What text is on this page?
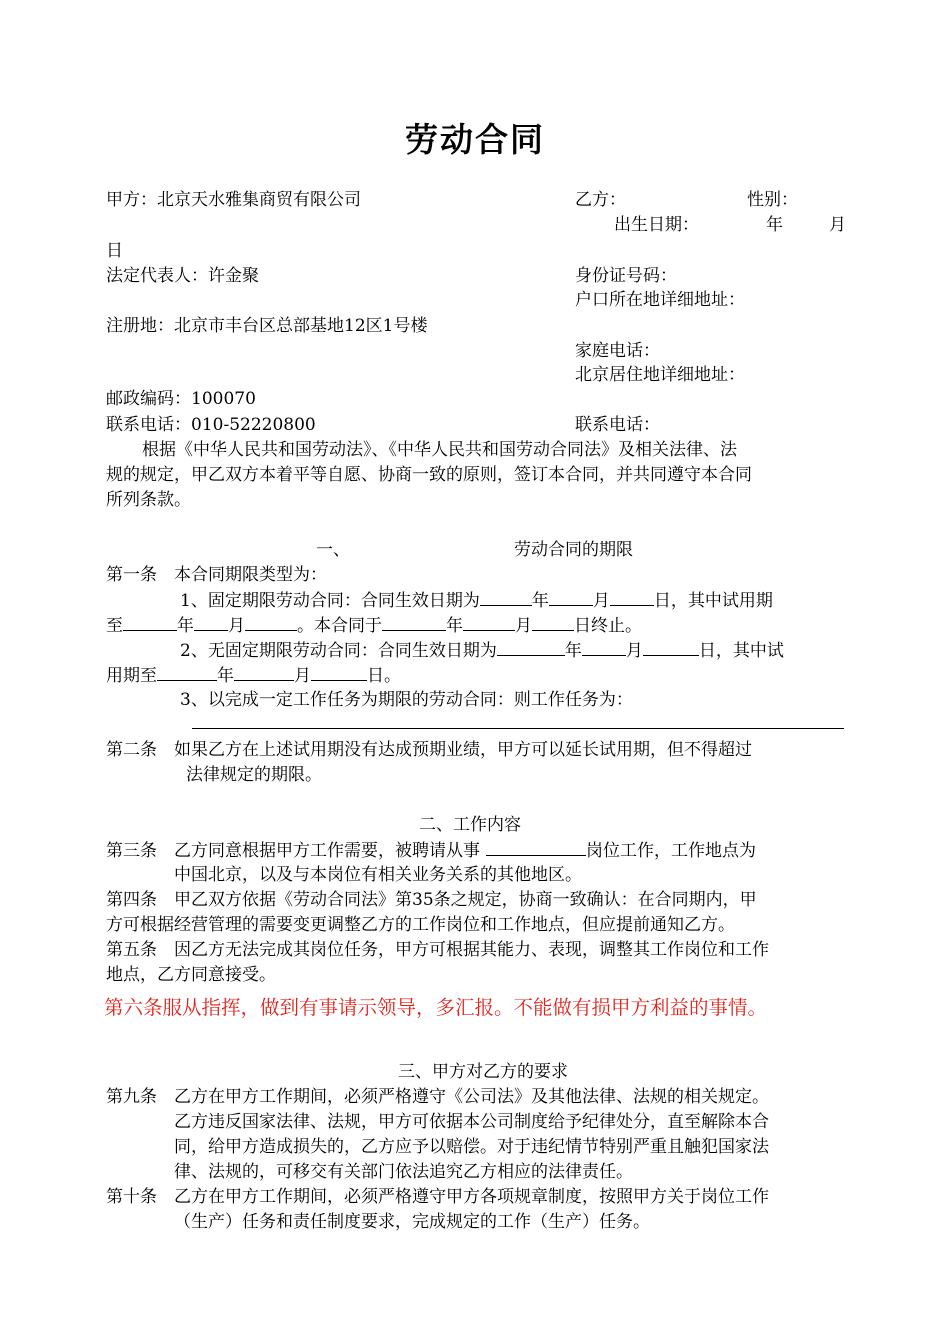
劳动合同
甲方：北京天水雅集商贸有限公司	乙方：	性别：
出生日期：	年	月
日
法定代表人：许金聚	身份证号码：
户口所在地详细地址：
注册地：北京市丰台区总部基地12区1号楼
家庭电话：
北京居住地详细地址：
邮政编码：100070
联系电话：010-52220800	联系电话：
根据《中华人民共和国劳动法》、《中华人民共和国劳动合同法》及相关法律、法
规的规定，甲乙双方本着平等自愿、协商一致的原则，签订本合同，并共同遵守本合同
所列条款。
一、	劳动合同的期限
第一条　本合同期限类型为：
1、固定期限劳动合同：合同生效日期为	年	月	日，其中试用期
至	年 月	。本合同于	年	月 日终止。
2、无固定期限劳动合同：合同生效日期为	年	月	日，其中试
用期至	年	月	日。
3、以完成一定工作任务为期限的劳动合同：则工作任务为：
第二条　如果乙方在上述试用期没有达成预期业绩，甲方可以延长试用期，但不得超过
法律规定的期限。
二、工作内容
第三条　乙方同意根据甲方工作需要，被聘请从事	岗位工作，工作地点为
中国北京，以及与本岗位有相关业务关系的其他地区。
第四条　甲乙双方依据《劳动合同法》第35条之规定，协商一致确认：在合同期内，甲
方可根据经营管理的需要变更调整乙方的工作岗位和工作地点，但应提前通知乙方。
第五条　因乙方无法完成其岗位任务，甲方可根据其能力、表现，调整其工作岗位和工作
地点，乙方同意接受。
第六条服从指挥，做到有事请示领导，多汇报。不能做有损甲方利益的事情。
三、甲方对乙方的要求
第九条　乙方在甲方工作期间，必须严格遵守《公司法》及其他法律、法规的相关规定。
乙方违反国家法律、法规，甲方可依据本公司制度给予纪律处分，直至解除本合
同，给甲方造成损失的，乙方应予以赔偿。对于违纪情节特别严重且触犯国家法
律、法规的，可移交有关部门依法追究乙方相应的法律责任。
第十条　乙方在甲方工作期间，必须严格遵守甲方各项规章制度，按照甲方关于岗位工作
（生产）任务和责任制度要求，完成规定的工作（生产）任务。
